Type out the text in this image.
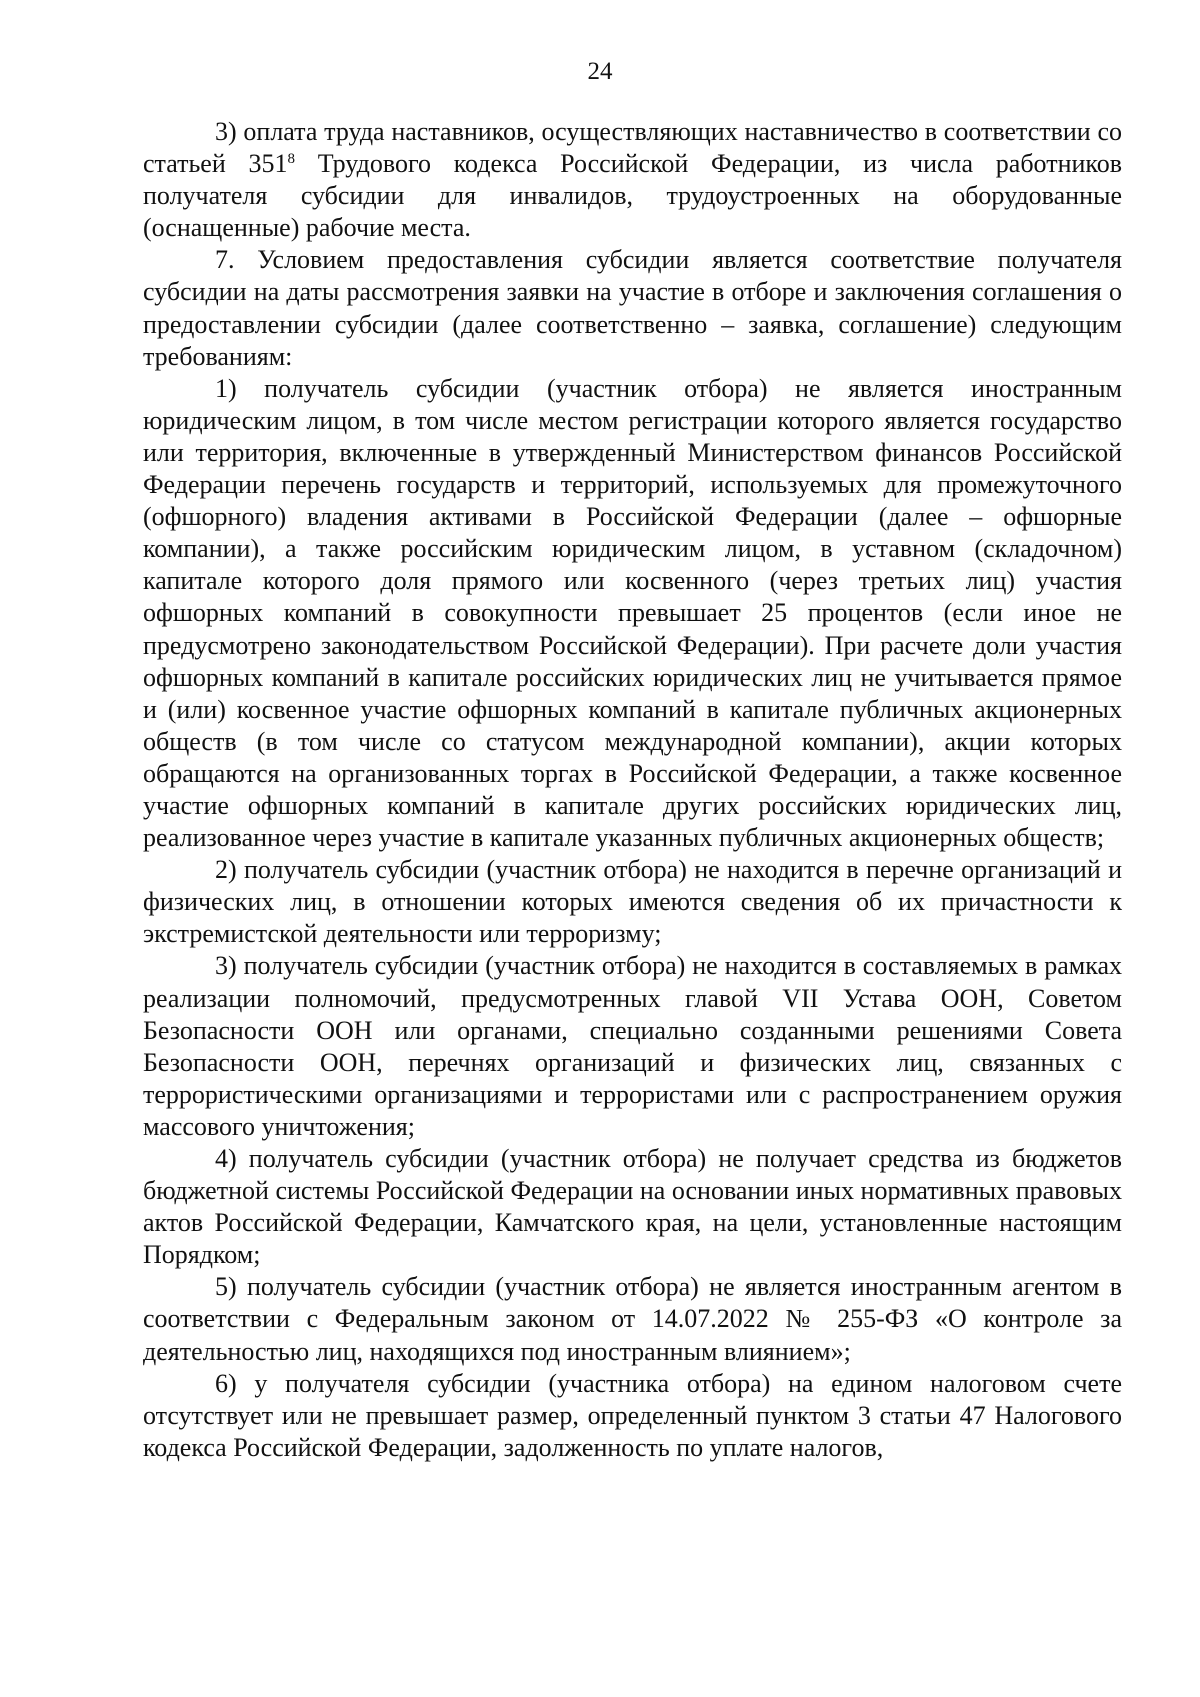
24

3) оплата труда наставников, осуществляющих наставничество в соответствии со статьей $351^8$ Трудового кодекса Российской Федерации, из числа работников получателя субсидии для инвалидов, трудоустроенных на оборудованные (оснащенные) рабочие места.

7. Условием предоставления субсидии является соответствие получателя субсидии на даты рассмотрения заявки на участие в отборе и заключения соглашения о предоставлении субсидии (далее соответственно – заявка, соглашение) следующим требованиям:

1) получатель субсидии (участник отбора) не является иностранным юридическим лицом, в том числе местом регистрации которого является государство или территория, включенные в утвержденный Министерством финансов Российской Федерации перечень государств и территорий, используемых для промежуточного (офшорного) владения активами в Российской Федерации (далее – офшорные компании), а также российским юридическим лицом, в уставном (складочном) капитале которого доля прямого или косвенного (через третьих лиц) участия офшорных компаний в совокупности превышает 25 процентов (если иное не предусмотрено законодательством Российской Федерации). При расчете доли участия офшорных компаний в капитале российских юридических лиц не учитывается прямое и (или) косвенное участие офшорных компаний в капитале публичных акционерных обществ (в том числе со статусом международной компании), акции которых обращаются на организованных торгах в Российской Федерации, а также косвенное участие офшорных компаний в капитале других российских юридических лиц, реализованное через участие в капитале указанных публичных акционерных обществ;

2) получатель субсидии (участник отбора) не находится в перечне организаций и физических лиц, в отношении которых имеются сведения об их причастности к экстремистской деятельности или терроризму;

3) получатель субсидии (участник отбора) не находится в составляемых в рамках реализации полномочий, предусмотренных главой VII Устава ООН, Советом Безопасности ООН или органами, специально созданными решениями Совета Безопасности ООН, перечнях организаций и физических лиц, связанных с террористическими организациями и террористами или с распространением оружия массового уничтожения;

4) получатель субсидии (участник отбора) не получает средства из бюджетов бюджетной системы Российской Федерации на основании иных нормативных правовых актов Российской Федерации, Камчатского края, на цели, установленные настоящим Порядком;

5) получатель субсидии (участник отбора) не является иностранным агентом в соответствии с Федеральным законом от 14.07.2022 № 255-ФЗ «О контроле за деятельностью лиц, находящихся под иностранным влиянием»;

6) у получателя субсидии (участника отбора) на едином налоговом счете отсутствует или не превышает размер, определенный пунктом 3 статьи 47 Налогового кодекса Российской Федерации, задолженность по уплате налогов,
